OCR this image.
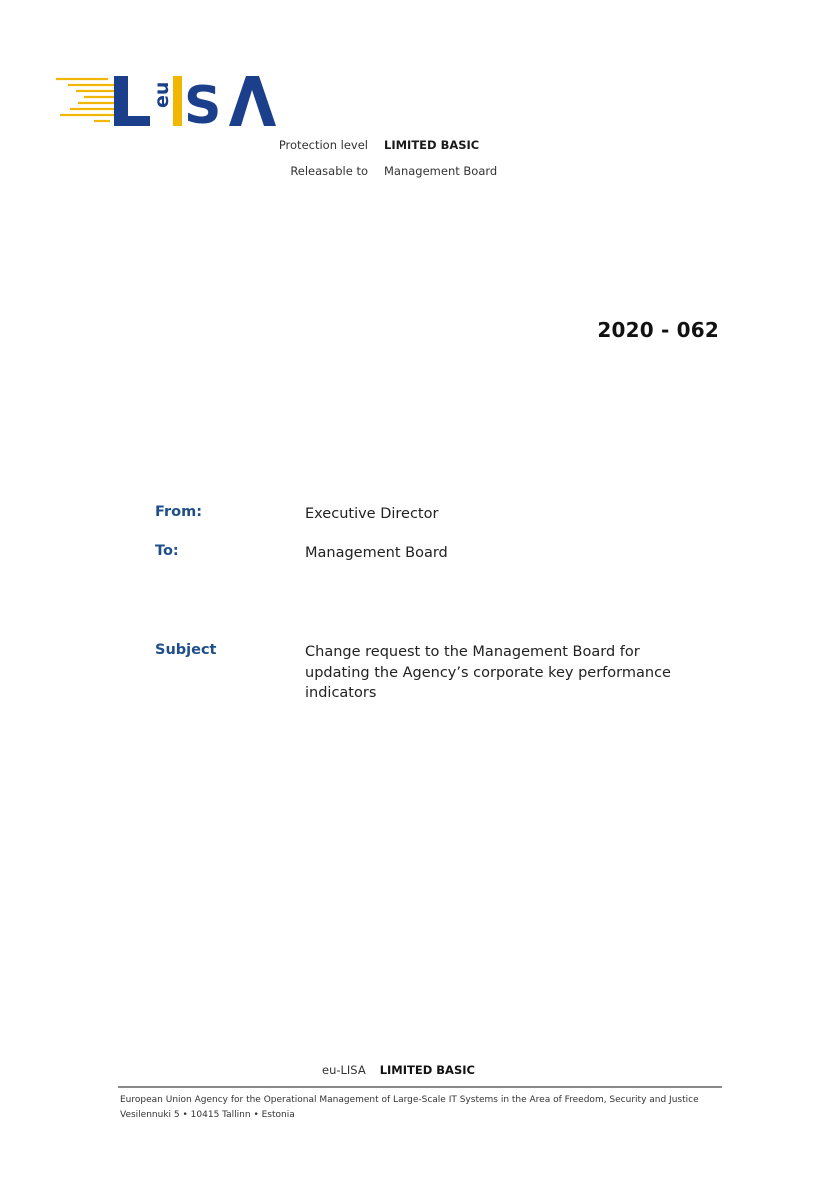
eu S
Protection level	LIMITED BASIC
Releasable to	Management Board
2020 - 062
From:	Executive Director
To:	Management Board
Subject	Change request to the Management Board for updating the Agency’s corporate key performance indicators
eu-LISA LIMITED BASIC
European Union Agency for the Operational Management of Large-Scale IT Systems in the Area of Freedom, Security and Justice
Vesilennuki 5 • 10415 Tallinn • Estonia
